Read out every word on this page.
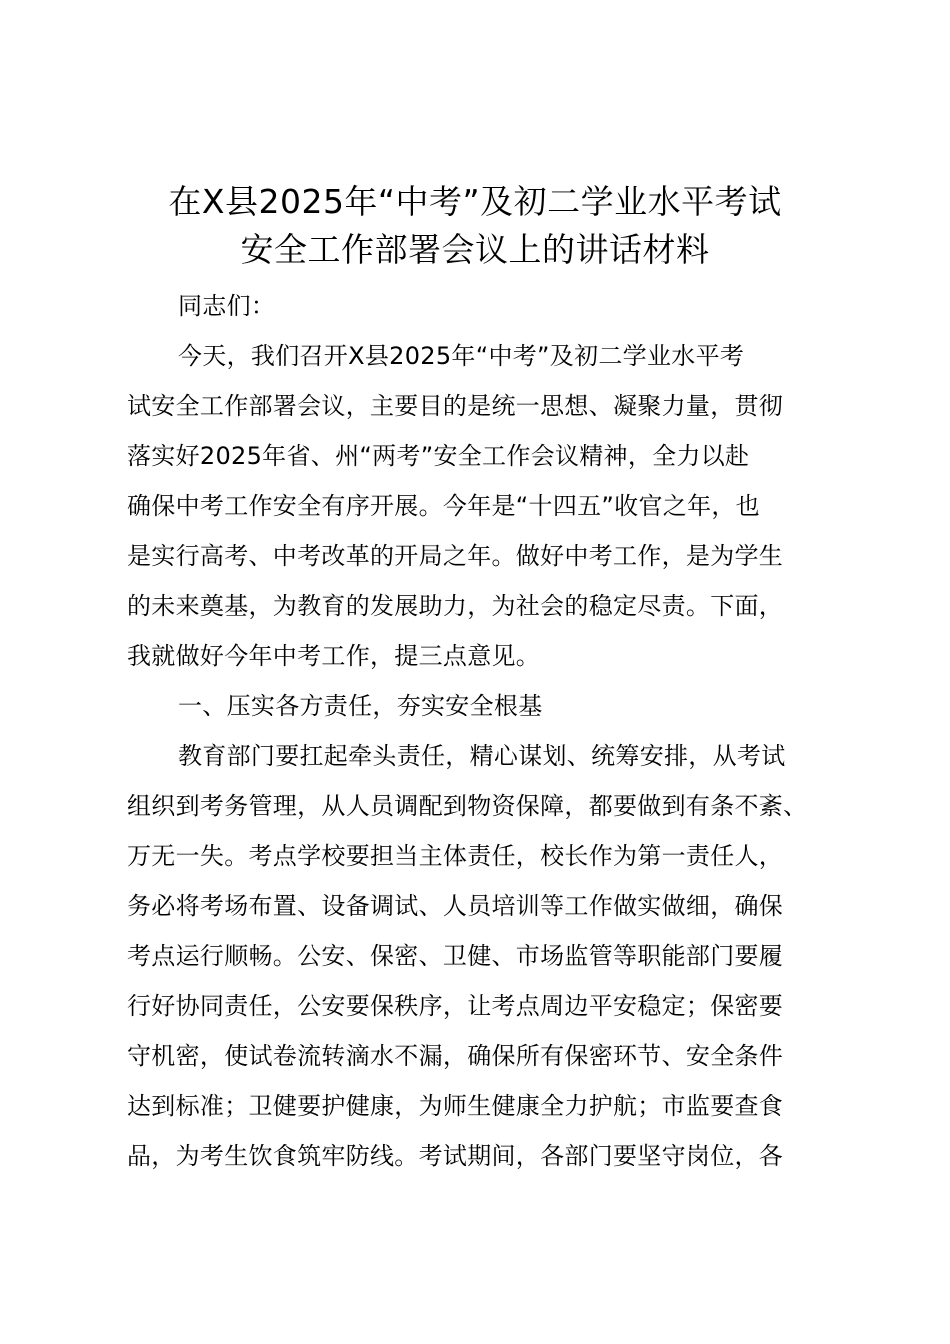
在X县2025年“中考”及初二学业水平考试
安全工作部署会议上的讲话材料
同志们：
今天，我们召开X县2025年“中考”及初二学业水平考
试安全工作部署会议，主要目的是统一思想、凝聚力量，贯彻
落实好2025年省、州“两考”安全工作会议精神，全力以赴
确保中考工作安全有序开展。今年是“十四五”收官之年，也
是实行高考、中考改革的开局之年。做好中考工作，是为学生
的未来奠基，为教育的发展助力，为社会的稳定尽责。下面，
我就做好今年中考工作，提三点意见。
一、压实各方责任，夯实安全根基
教育部门要扛起牵头责任，精心谋划、统筹安排，从考试
组织到考务管理，从人员调配到物资保障，都要做到有条不紊、
万无一失。考点学校要担当主体责任，校长作为第一责任人，
务必将考场布置、设备调试、人员培训等工作做实做细，确保
考点运行顺畅。公安、保密、卫健、市场监管等职能部门要履
行好协同责任，公安要保秩序，让考点周边平安稳定；保密要
守机密，使试卷流转滴水不漏，确保所有保密环节、安全条件
达到标准；卫健要护健康，为师生健康全力护航；市监要查食
品，为考生饮食筑牢防线。考试期间，各部门要坚守岗位，各
